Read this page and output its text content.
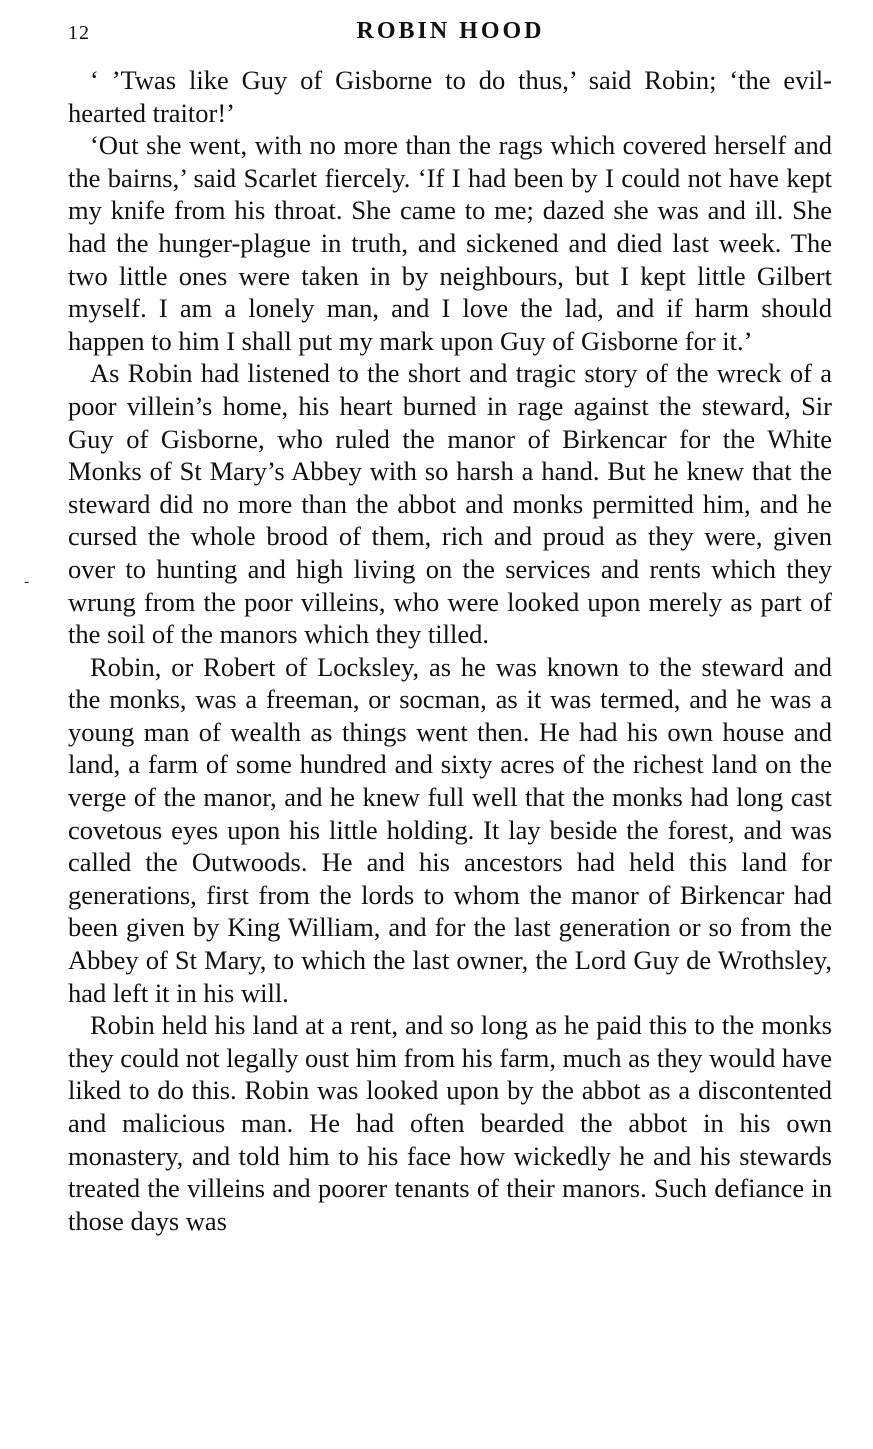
12	ROBIN HOOD
-

‘ ’Twas like Guy of Gisborne to do thus,’ said Robin; ‘the evil-hearted traitor!’

‘Out she went, with no more than the rags which covered herself and the bairns,’ said Scarlet fiercely. ‘If I had been by I could not have kept my knife from his throat. She came to me; dazed she was and ill. She had the hunger-plague in truth, and sickened and died last week. The two little ones were taken in by neighbours, but I kept little Gilbert myself. I am a lonely man, and I love the lad, and if harm should happen to him I shall put my mark upon Guy of Gisborne for it.’

As Robin had listened to the short and tragic story of the wreck of a poor villein’s home, his heart burned in rage against the steward, Sir Guy of Gisborne, who ruled the manor of Birkencar for the White Monks of St Mary’s Abbey with so harsh a hand. But he knew that the steward did no more than the abbot and monks permitted him, and he cursed the whole brood of them, rich and proud as they were, given over to hunting and high living on the services and rents which they wrung from the poor villeins, who were looked upon merely as part of the soil of the manors which they tilled.

Robin, or Robert of Locksley, as he was known to the steward and the monks, was a freeman, or socman, as it was termed, and he was a young man of wealth as things went then. He had his own house and land, a farm of some hundred and sixty acres of the richest land on the verge of the manor, and he knew full well that the monks had long cast covetous eyes upon his little holding. It lay beside the forest, and was called the Outwoods. He and his ancestors had held this land for generations, first from the lords to whom the manor of Birkencar had been given by King William, and for the last generation or so from the Abbey of St Mary, to which the last owner, the Lord Guy de Wrothsley, had left it in his will.

Robin held his land at a rent, and so long as he paid this to the monks they could not legally oust him from his farm, much as they would have liked to do this. Robin was looked upon by the abbot as a discontented and malicious man. He had often bearded the abbot in his own monastery, and told him to his face how wickedly he and his stewards treated the villeins and poorer tenants of their manors. Such defiance in those days was
